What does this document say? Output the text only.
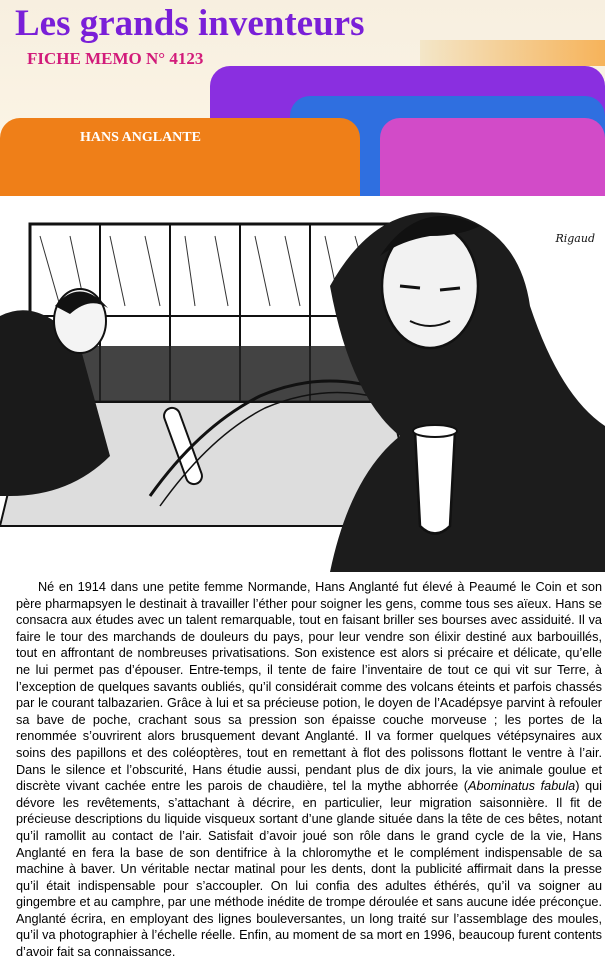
Les grands inventeurs
FICHE MEMO N° 4123
HANS ANGLANTE
Rigaud

Né en 1914 dans une petite femme Normande, Hans Anglanté fut élevé à Peaumé le Coin et son père pharmapsyen le destinait à travailler l’éther pour soigner les gens, comme tous ses aïeux. Hans se consacra aux études avec un talent remarquable, tout en faisant briller ses bourses avec assiduité. Il va faire le tour des marchands de douleurs du pays, pour leur vendre son élixir destiné aux barbouillés, tout en affrontant de nombreuses privatisations. Son existence est alors si précaire et délicate, qu’elle ne lui permet pas d’épouser. Entre-temps, il tente de faire l’inventaire de tout ce qui vit sur Terre, à l’exception de quelques savants oubliés, qu’il considérait comme des volcans éteints et parfois chassés par le courant talbazarien. Grâce à lui et sa précieuse potion, le doyen de l’Acadépsye parvint à refouler sa bave de poche, crachant sous sa pression son épaisse couche morveuse ; les portes de la renommée s’ouvrirent alors brusquement devant Anglanté. Il va former quelques vétépsynaires aux soins des papillons et des coléoptères, tout en remettant à flot des polissons flottant le ventre à l’air. Dans le silence et l’obscurité, Hans étudie aussi, pendant plus de dix jours, la vie animale goulue et discrète vivant cachée entre les parois de chaudière, tel la mythe abhorrée (Abominatus fabula) qui dévore les revêtements, s’attachant à décrire, en particulier, leur migration saisonnière. Il fit de précieuse descriptions du liquide visqueux sortant d’une glande située dans la tête de ces bêtes, notant qu’il ramollit au contact de l’air. Satisfait d’avoir joué son rôle dans le grand cycle de la vie, Hans Anglanté en fera la base de son dentifrice à la chloromythe et le complément indispensable de sa machine à baver. Un véritable nectar matinal pour les dents, dont la publicité affirmait dans la presse qu’il était indispensable pour s’accoupler. On lui confia des adultes éthérés, qu’il va soigner au gingembre et au camphre, par une méthode inédite de trompe déroulée et sans aucune idée préconçue. Anglanté écrira, en employant des lignes bouleversantes, un long traité sur l’assemblage des moules, qu’il va photographier à l’échelle réelle. Enfin, au moment de sa mort en 1996, beaucoup furent contents d’avoir fait sa connaissance.
